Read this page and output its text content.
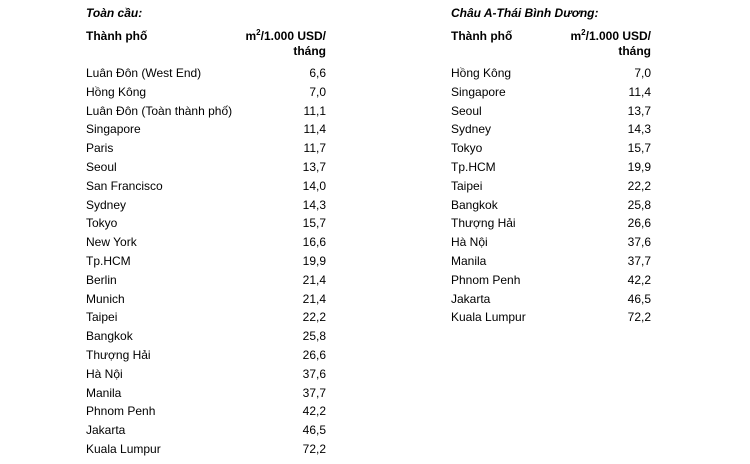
Toàn cầu:
Thành phố	$m^2/1.000$ USD/
tháng
Luân Đôn (West End)	6,6
Hồng Kông	7,0
Luân Đôn (Toàn thành phố)	11,1
Singapore	11,4
Paris	11,7
Seoul	13,7
San Francisco	14,0
Sydney	14,3
Tokyo	15,7
New York	16,6
Tp.HCM	19,9
Berlin	21,4
Munich	21,4
Taipei	22,2
Bangkok	25,8
Thượng Hải	26,6
Hà Nội	37,6
Manila	37,7
Phnom Penh	42,2
Jakarta	46,5
Kuala Lumpur	72,2
Châu A-Thái Bình Dương:
Thành phố	$m^2/1.000$ USD/
tháng
Hồng Kông	7,0
Singapore	11,4
Seoul	13,7
Sydney	14,3
Tokyo	15,7
Tp.HCM	19,9
Taipei	22,2
Bangkok	25,8
Thượng Hải	26,6
Hà Nội	37,6
Manila	37,7
Phnom Penh	42,2
Jakarta	46,5
Kuala Lumpur	72,2
